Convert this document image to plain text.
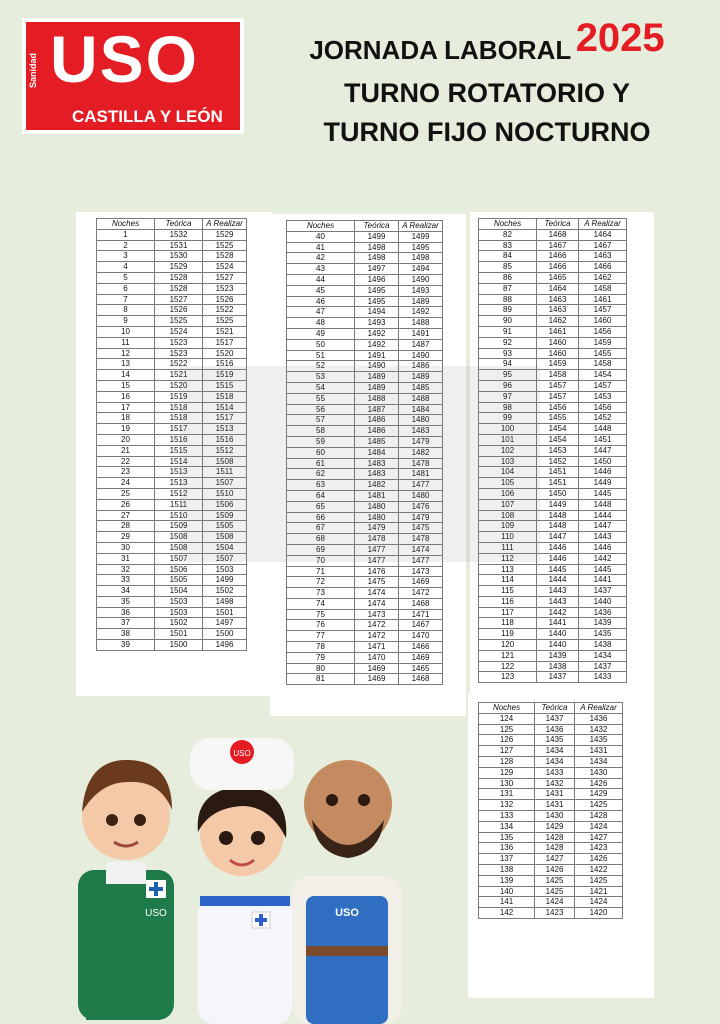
USO
Sanidad
CASTILLA Y LEÓN
JORNADA LABORAL 2025
TURNO ROTATORIO Y
TURNO FIJO NOCTURNO
Noches	Teórica	A Realizar
1	1532	1529
2	1531	1525
3	1530	1528
4	1529	1524
5	1528	1527
6	1528	1523
7	1527	1526
8	1526	1522
9	1525	1525
10	1524	1521
11	1523	1517
12	1523	1520
13	1522	1516
14	1521	1519
15	1520	1515
16	1519	1518
17	1518	1514
18	1518	1517
19	1517	1513
20	1516	1516
21	1515	1512
22	1514	1508
23	1513	1511
24	1513	1507
25	1512	1510
26	1511	1506
27	1510	1509
28	1509	1505
29	1508	1508
30	1508	1504
31	1507	1507
32	1506	1503
33	1505	1499
34	1504	1502
35	1503	1498
36	1503	1501
37	1502	1497
38	1501	1500
39	1500	1496
Noches	Teórica	A Realizar
40	1499	1499
41	1498	1495
42	1498	1498
43	1497	1494
44	1496	1490
45	1495	1493
46	1495	1489
47	1494	1492
48	1493	1488
49	1492	1491
50	1492	1487
51	1491	1490
52	1490	1486
53	1489	1489
54	1489	1485
55	1488	1488
56	1487	1484
57	1486	1480
58	1486	1483
59	1485	1479
60	1484	1482
61	1483	1478
62	1483	1481
63	1482	1477
64	1481	1480
65	1480	1476
66	1480	1479
67	1479	1475
68	1478	1478
69	1477	1474
70	1477	1477
71	1476	1473
72	1475	1469
73	1474	1472
74	1474	1468
75	1473	1471
76	1472	1467
77	1472	1470
78	1471	1466
79	1470	1469
80	1469	1465
81	1469	1468
Noches	Teórica	A Realizar
82	1468	1464
83	1467	1467
84	1466	1463
85	1466	1466
86	1465	1462
87	1464	1458
88	1463	1461
89	1463	1457
90	1462	1460
91	1461	1456
92	1460	1459
93	1460	1455
94	1459	1458
95	1458	1454
96	1457	1457
97	1457	1453
98	1456	1456
99	1455	1452
100	1454	1448
101	1454	1451
102	1453	1447
103	1452	1450
104	1451	1446
105	1451	1449
106	1450	1445
107	1449	1448
108	1448	1444
109	1448	1447
110	1447	1443
111	1446	1446
112	1446	1442
113	1445	1445
114	1444	1441
115	1443	1437
116	1443	1440
117	1442	1436
118	1441	1439
119	1440	1435
120	1440	1438
121	1439	1434
122	1438	1437
123	1437	1433
Noches	Teórica	A Realizar
124	1437	1436
125	1436	1432
126	1435	1435
127	1434	1431
128	1434	1434
129	1433	1430
130	1432	1426
131	1431	1429
132	1431	1425
133	1430	1428
134	1429	1424
135	1428	1427
136	1428	1423
137	1427	1426
138	1426	1422
139	1425	1425
140	1425	1421
141	1424	1424
142	1423	1420
USO
USO
USO
